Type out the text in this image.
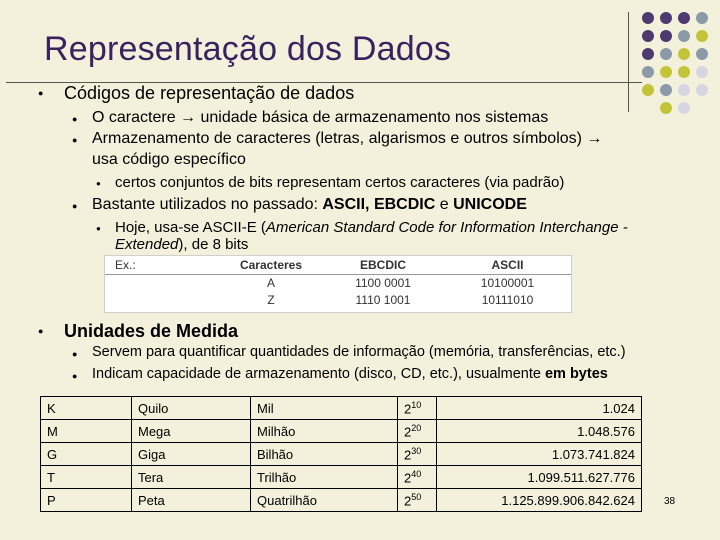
Representação dos Dados
● Códigos de representação de dados
● O caractere → unidade básica de armazenamento nos sistemas
● Armazenamento de caracteres (letras, algarismos e outros símbolos) →
usa código específico
● certos conjuntos de bits representam certos caracteres (via padrão)
● Bastante utilizados no passado: ASCII, EBCDIC e UNICODE
● Hoje, usa-se ASCII-E (American Standard Code for Information Interchange -
Extended), de 8 bits
Ex.:	Caracteres	EBCDIC	ASCII
	A	1100 0001	10100001
	Z	1110 1001	10111010
● Unidades de Medida
● Servem para quantificar quantidades de informação (memória, transferências, etc.)
● Indicam capacidade de armazenamento (disco, CD, etc.), usualmente em bytes
K	Quilo	Mil	$2^{10}$	1.024
M	Mega	Milhão	$2^{20}$	1.048.576
G	Giga	Bilhão	$2^{30}$	1.073.741.824
T	Tera	Trilhão	$2^{40}$	1.099.511.627.776
P	Peta	Quatrilhão	$2^{50}$	1.125.899.906.842.624	38
